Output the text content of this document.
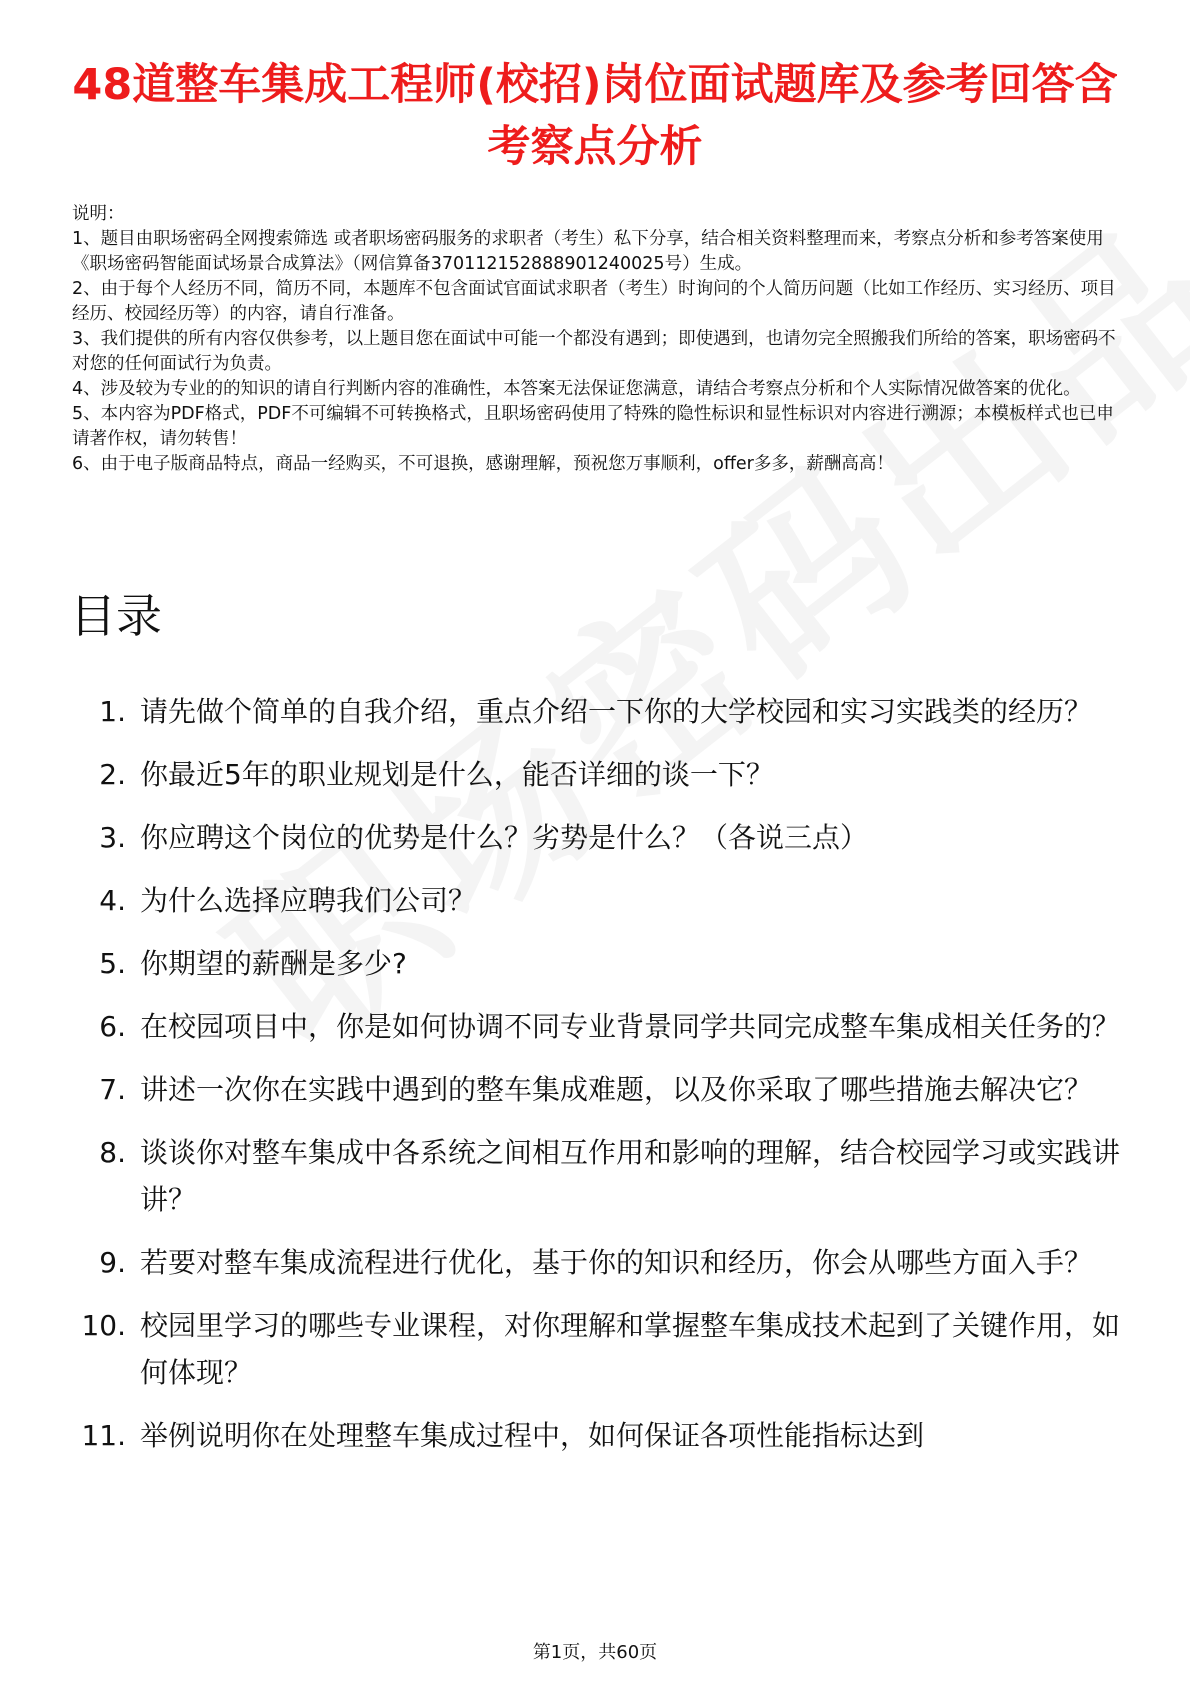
48道整车集成工程师(校招)岗位面试题库及参考回答含考察点分析
说明：
1、题目由职场密码全网搜索筛选 或者职场密码服务的求职者（考生）私下分享，结合相关资料整理而来，考察点分析和参考答案使用《职场密码智能面试场景合成算法》（网信算备370112152888901240025号）生成。
2、由于每个人经历不同，简历不同，本题库不包含面试官面试求职者（考生）时询问的个人简历问题（比如工作经历、实习经历、项目经历、校园经历等）的内容，请自行准备。
3、我们提供的所有内容仅供参考，以上题目您在面试中可能一个都没有遇到；即使遇到，也请勿完全照搬我们所给的答案，职场密码不对您的任何面试行为负责。
4、涉及较为专业的的知识的请自行判断内容的准确性，本答案无法保证您满意，请结合考察点分析和个人实际情况做答案的优化。
5、本内容为PDF格式，PDF不可编辑不可转换格式，且职场密码使用了特殊的隐性标识和显性标识对内容进行溯源；本模板样式也已申请著作权，请勿转售！
6、由于电子版商品特点，商品一经购买，不可退换，感谢理解，预祝您万事顺利，offer多多，薪酬高高！
目录
1. 请先做个简单的自我介绍，重点介绍一下你的大学校园和实习实践类的经历？
2. 你最近5年的职业规划是什么，能否详细的谈一下？
3. 你应聘这个岗位的优势是什么？劣势是什么？（各说三点）
4. 为什么选择应聘我们公司？
5. 你期望的薪酬是多少?
6. 在校园项目中，你是如何协调不同专业背景同学共同完成整车集成相关任务的？
7. 讲述一次你在实践中遇到的整车集成难题，以及你采取了哪些措施去解决它？
8. 谈谈你对整车集成中各系统之间相互作用和影响的理解，结合校园学习或实践讲讲？
9. 若要对整车集成流程进行优化，基于你的知识和经历，你会从哪些方面入手？
10. 校园里学习的哪些专业课程，对你理解和掌握整车集成技术起到了关键作用，如何体现？
11. 举例说明你在处理整车集成过程中，如何保证各项性能指标达到
第1页，共60页
